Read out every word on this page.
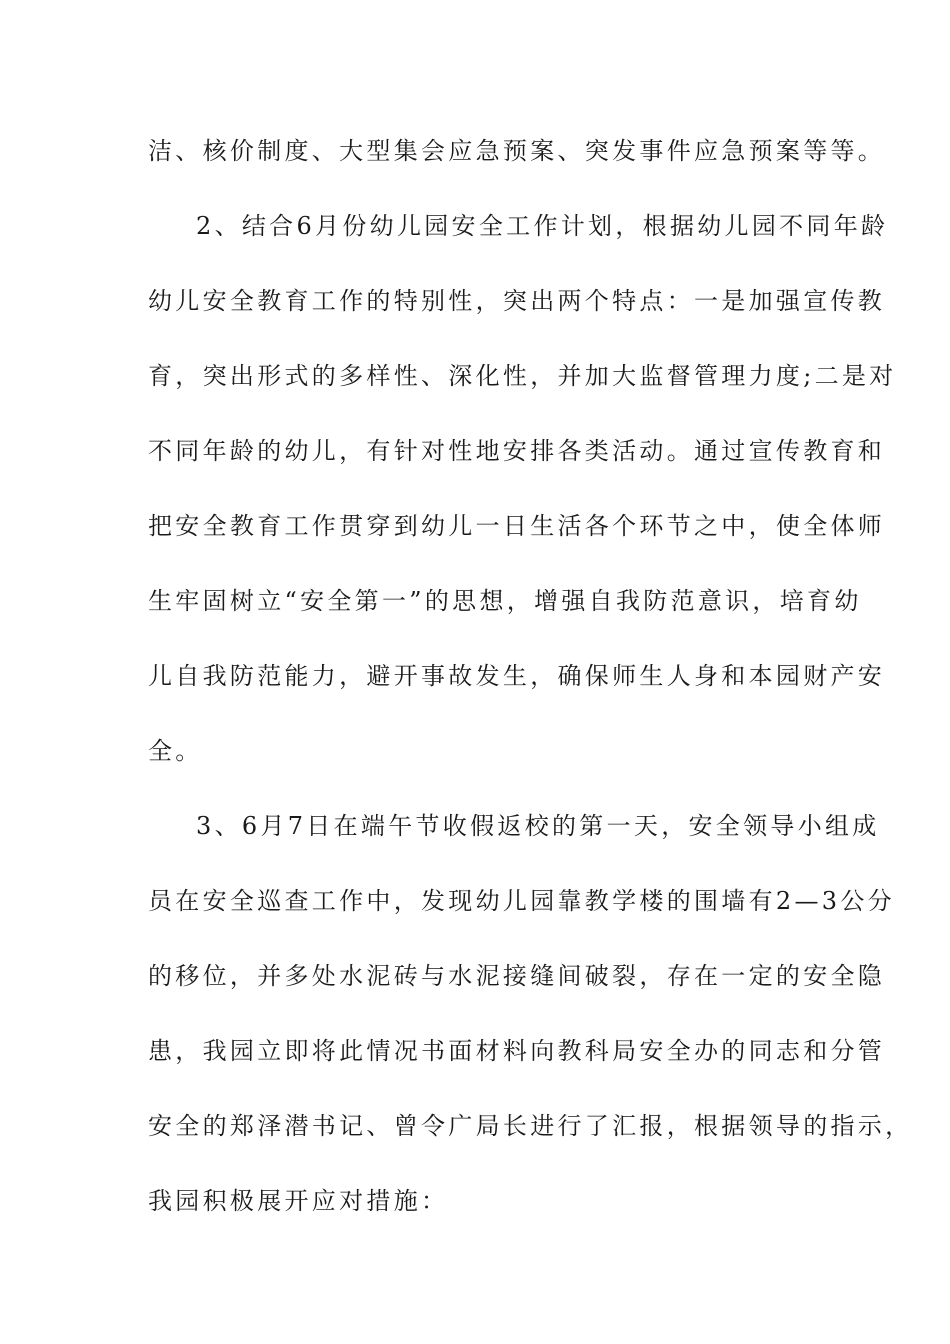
洁、核价制度、大型集会应急预案、突发事件应急预案等等。
2、结合6月份幼儿园安全工作计划，根据幼儿园不同年龄
幼儿安全教育工作的特别性，突出两个特点：一是加强宣传教
育，突出形式的多样性、深化性，并加大监督管理力度;二是对
不同年龄的幼儿，有针对性地安排各类活动。通过宣传教育和
把安全教育工作贯穿到幼儿一日生活各个环节之中，使全体师
生牢固树立“安全第一”的思想，增强自我防范意识，培育幼
儿自我防范能力，避开事故发生，确保师生人身和本园财产安
全。
3、6月7日在端午节收假返校的第一天，安全领导小组成
员在安全巡查工作中，发现幼儿园靠教学楼的围墙有2—3公分
的移位，并多处水泥砖与水泥接缝间破裂，存在一定的安全隐
患，我园立即将此情况书面材料向教科局安全办的同志和分管
安全的郑泽潜书记、曾令广局长进行了汇报，根据领导的指示，
我园积极展开应对措施：
